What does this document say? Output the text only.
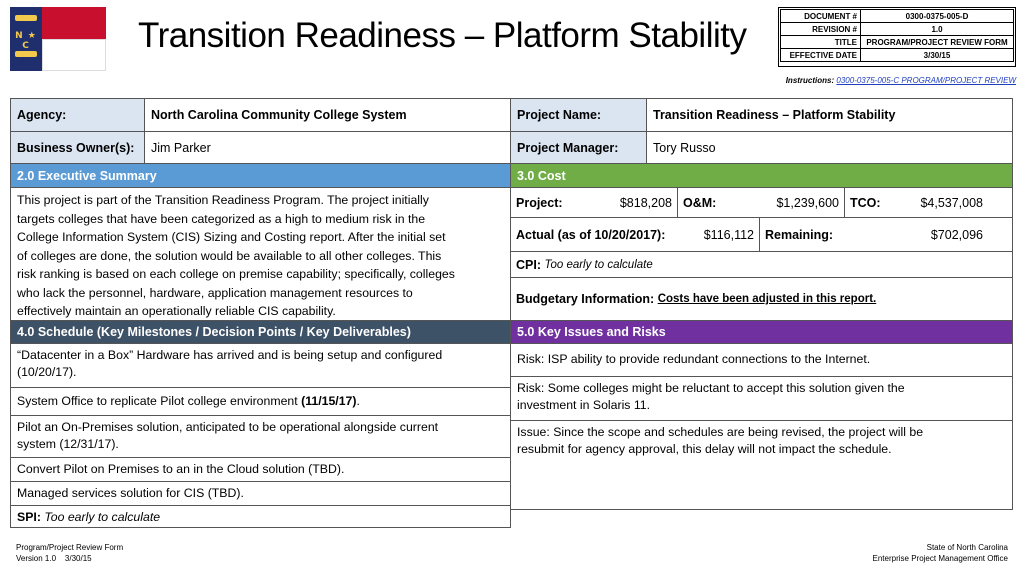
N ★ C	Transition Readiness – Platform Stability	DOCUMENT #	0300-0375-005-D
REVISION #	1.0
TITLE	PROGRAM/PROJECT REVIEW FORM
EFFECTIVE DATE	3/30/15
Instructions: 0300-0375-005-C PROGRAM/PROJECT REVIEW
Agency:	North Carolina Community College System
Business Owner(s):	Jim Parker
2.0 Executive Summary
This project is part of the Transition Readiness Program. The project initially
targets colleges that have been categorized as a high to medium risk in the
College Information System (CIS) Sizing and Costing report. After the initial set
of colleges are done, the solution would be available to all other colleges. This
risk ranking is based on each college on premise capability; specifically, colleges
who lack the personnel, hardware, application management resources to
effectively maintain an operationally reliable CIS capability.
4.0 Schedule (Key Milestones / Decision Points / Key Deliverables)
“Datacenter in a Box” Hardware has arrived and is being setup and configured
(10/20/17).
System Office to replicate Pilot college environment (11/15/17).
Pilot an On-Premises solution, anticipated to be operational alongside current
system (12/31/17).
Convert Pilot on Premises to an in the Cloud solution (TBD).
Managed services solution for CIS (TBD).
SPI: Too early to calculate
Project Name:	Transition Readiness – Platform Stability
Project Manager:	Tory Russo
3.0 Cost
Project:	$818,208 O&M:	$1,239,600 TCO:	$4,537,008
Actual (as of 10/20/2017):	$116,112 Remaining:	$702,096
CPI:
Too early to calculate
Budgetary Information:
Costs have been adjusted in this report.
5.0 Key Issues and Risks
Risk: ISP ability to provide redundant connections to the Internet.
Risk: Some colleges might be reluctant to accept this solution given the
investment in Solaris 11.
Issue: Since the scope and schedules are being revised, the project will be
resubmit for agency approval, this delay will not impact the schedule.
Program/Project Review Form
Version 1.0    3/30/15
State of North Carolina
Enterprise Project Management Office
